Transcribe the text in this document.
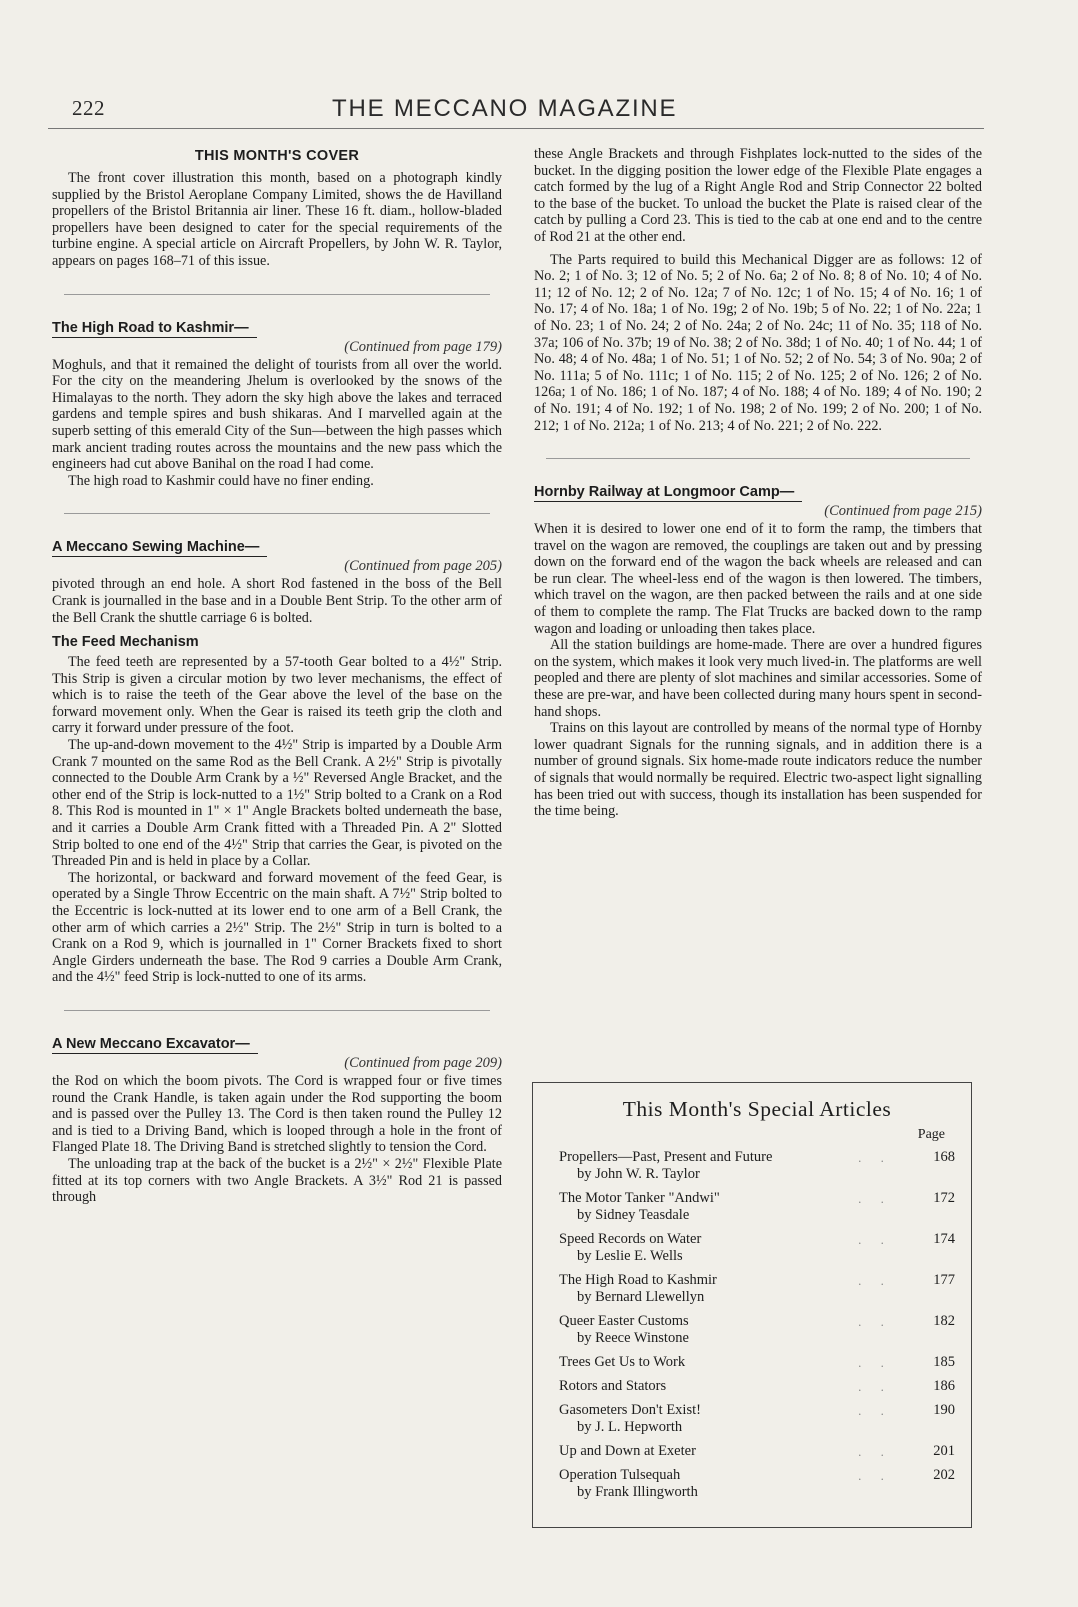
222	THE MECCANO MAGAZINE
THIS MONTH'S COVER

The front cover illustration this month, based on a photograph kindly supplied by the Bristol Aeroplane Company Limited, shows the de Havilland propellers of the Bristol Britannia air liner. These 16 ft. diam., hollow-bladed propellers have been designed to cater for the special requirements of the turbine engine. A special article on Aircraft Propellers, by John W. R. Taylor, appears on pages 168–71 of this issue.

The High Road to Kashmir—
(Continued from page 179)

Moghuls, and that it remained the delight of tourists from all over the world. For the city on the meandering Jhelum is overlooked by the snows of the Himalayas to the north. They adorn the sky high above the lakes and terraced gardens and temple spires and bush shikaras. And I marvelled again at the superb setting of this emerald City of the Sun—between the high passes which mark ancient trading routes across the mountains and the new pass which the engineers had cut above Banihal on the road I had come.

The high road to Kashmir could have no finer ending.

A Meccano Sewing Machine—
(Continued from page 205)

pivoted through an end hole. A short Rod fastened in the boss of the Bell Crank is journalled in the base and in a Double Bent Strip. To the other arm of the Bell Crank the shuttle carriage 6 is bolted.

The Feed Mechanism

The feed teeth are represented by a 57-tooth Gear bolted to a 4½" Strip. This Strip is given a circular motion by two lever mechanisms, the effect of which is to raise the teeth of the Gear above the level of the base on the forward movement only. When the Gear is raised its teeth grip the cloth and carry it forward under pressure of the foot.

The up-and-down movement to the 4½" Strip is imparted by a Double Arm Crank 7 mounted on the same Rod as the Bell Crank. A 2½" Strip is pivotally connected to the Double Arm Crank by a ½" Reversed Angle Bracket, and the other end of the Strip is lock-nutted to a 1½" Strip bolted to a Crank on a Rod 8. This Rod is mounted in 1" × 1" Angle Brackets bolted underneath the base, and it carries a Double Arm Crank fitted with a Threaded Pin. A 2" Slotted Strip bolted to one end of the 4½" Strip that carries the Gear, is pivoted on the Threaded Pin and is held in place by a Collar.

The horizontal, or backward and forward movement of the feed Gear, is operated by a Single Throw Eccentric on the main shaft. A 7½" Strip bolted to the Eccentric is lock-nutted at its lower end to one arm of a Bell Crank, the other arm of which carries a 2½" Strip. The 2½" Strip in turn is bolted to a Crank on a Rod 9, which is journalled in 1" Corner Brackets fixed to short Angle Girders underneath the base. The Rod 9 carries a Double Arm Crank, and the 4½" feed Strip is lock-nutted to one of its arms.

A New Meccano Excavator—
(Continued from page 209)

the Rod on which the boom pivots. The Cord is wrapped four or five times round the Crank Handle, is taken again under the Rod supporting the boom and is passed over the Pulley 13. The Cord is then taken round the Pulley 12 and is tied to a Driving Band, which is looped through a hole in the front of Flanged Plate 18. The Driving Band is stretched slightly to tension the Cord.

The unloading trap at the back of the bucket is a 2½" × 2½" Flexible Plate fitted at its top corners with two Angle Brackets. A 3½" Rod 21 is passed through

these Angle Brackets and through Fishplates lock-nutted to the sides of the bucket. In the digging position the lower edge of the Flexible Plate engages a catch formed by the lug of a Right Angle Rod and Strip Connector 22 bolted to the base of the bucket. To unload the bucket the Plate is raised clear of the catch by pulling a Cord 23. This is tied to the cab at one end and to the centre of Rod 21 at the other end.

The Parts required to build this Mechanical Digger are as follows: 12 of No. 2; 1 of No. 3; 12 of No. 5; 2 of No. 6a; 2 of No. 8; 8 of No. 10; 4 of No. 11; 12 of No. 12; 2 of No. 12a; 7 of No. 12c; 1 of No. 15; 4 of No. 16; 1 of No. 17; 4 of No. 18a; 1 of No. 19g; 2 of No. 19b; 5 of No. 22; 1 of No. 22a; 1 of No. 23; 1 of No. 24; 2 of No. 24a; 2 of No. 24c; 11 of No. 35; 118 of No. 37a; 106 of No. 37b; 19 of No. 38; 2 of No. 38d; 1 of No. 40; 1 of No. 44; 1 of No. 48; 4 of No. 48a; 1 of No. 51; 1 of No. 52; 2 of No. 54; 3 of No. 90a; 2 of No. 111a; 5 of No. 111c; 1 of No. 115; 2 of No. 125; 2 of No. 126; 2 of No. 126a; 1 of No. 186; 1 of No. 187; 4 of No. 188; 4 of No. 189; 4 of No. 190; 2 of No. 191; 4 of No. 192; 1 of No. 198; 2 of No. 199; 2 of No. 200; 1 of No. 212; 1 of No. 212a; 1 of No. 213; 4 of No. 221; 2 of No. 222.

Hornby Railway at Longmoor Camp—
(Continued from page 215)

When it is desired to lower one end of it to form the ramp, the timbers that travel on the wagon are removed, the couplings are taken out and by pressing down on the forward end of the wagon the back wheels are released and can be run clear. The wheel-less end of the wagon is then lowered. The timbers, which travel on the wagon, are then packed between the rails and at one side of them to complete the ramp. The Flat Trucks are backed down to the ramp wagon and loading or unloading then takes place.

All the station buildings are home-made. There are over a hundred figures on the system, which makes it look very much lived-in. The platforms are well peopled and there are plenty of slot machines and similar accessories. Some of these are pre-war, and have been collected during many hours spent in second-hand shops.

Trains on this layout are controlled by means of the normal type of Hornby lower quadrant Signals for the running signals, and in addition there is a number of ground signals. Six home-made route indicators reduce the number of signals that would normally be required. Electric two-aspect light signalling has been tried out with success, though its installation has been suspended for the time being.

This Month's Special Articles
Page
Propellers—Past, Present and Future
by John W. R. Taylor
. .	168
The Motor Tanker "Andwi"
by Sidney Teasdale
. .	172
Speed Records on Water
by Leslie E. Wells
. .	174
The High Road to Kashmir
by Bernard Llewellyn
. .	177
Queer Easter Customs
by Reece Winstone
. .	182
Trees Get Us to Work	. .	185
Rotors and Stators	. .	186
Gasometers Don't Exist!
by J. L. Hepworth
. .	190
Up and Down at Exeter	. .	201
Operation Tulsequah
by Frank Illingworth
. .	202
